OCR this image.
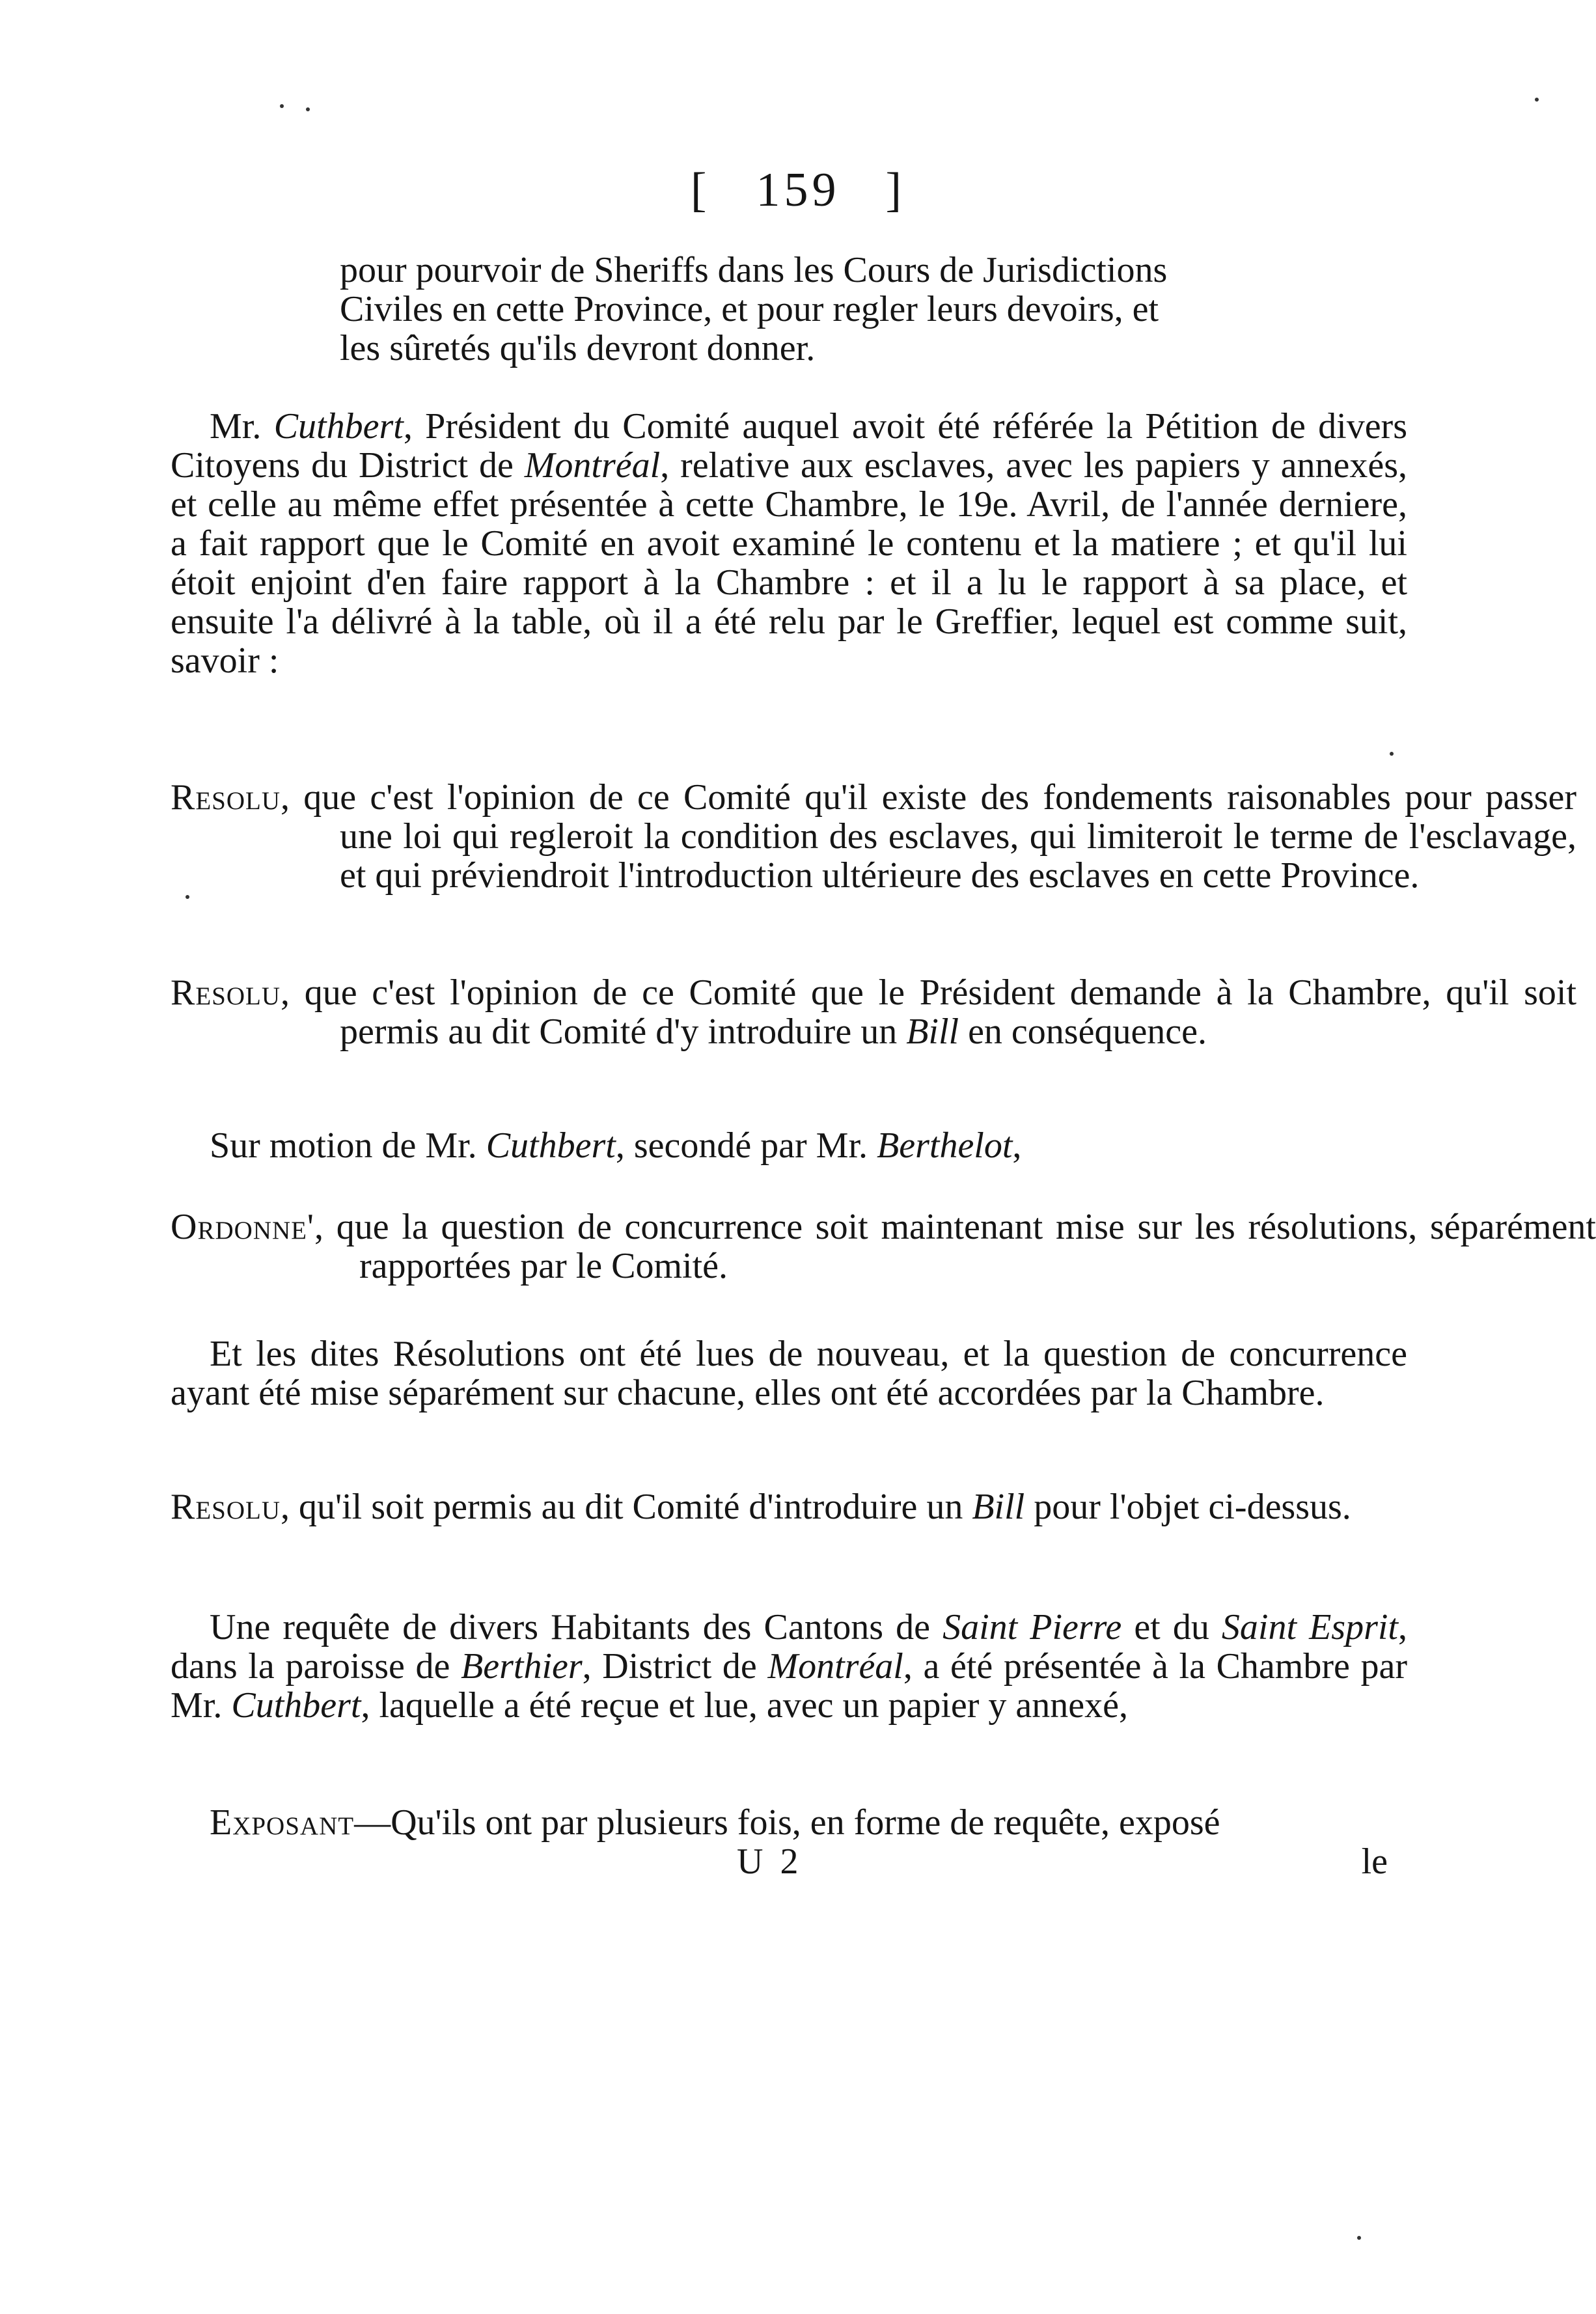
[ 159 ]
pour pourvoir de Sheriffs dans les Cours de Jurisdictions
Civiles en cette Province, et pour regler leurs devoirs, et
les sûretés qu'ils devront donner.
Mr. Cuthbert, Président du Comité auquel avoit été référée la Pétition de divers Citoyens du District de Montréal, relative aux esclaves, avec les papiers y annexés, et celle au même effet présentée à cette Chambre, le 19e. Avril, de l'année derniere, a fait rapport que le Comité en avoit examiné le contenu et la matiere ; et qu'il lui étoit enjoint d'en faire rapport à la Chambre : et il a lu le rapport à sa place, et ensuite l'a délivré à la table, où il a été relu par le Greffier, lequel est comme suit, savoir :
Resolu, que c'est l'opinion de ce Comité qu'il existe des fondements raisonables pour passer une loi qui regleroit la condition des esclaves, qui limiteroit le terme de l'esclavage, et qui préviendroit l'introduction ultérieure des esclaves en cette Province.
Resolu, que c'est l'opinion de ce Comité que le Président demande à la Chambre, qu'il soit permis au dit Comité d'y introduire un Bill en conséquence.
Sur motion de Mr. Cuthbert, secondé par Mr. Berthelot,
Ordonne', que la question de concurrence soit maintenant mise sur les résolutions, séparément rapportées par le Comité.
Et les dites Résolutions ont été lues de nouveau, et la question de concurrence ayant été mise séparément sur chacune, elles ont été accordées par la Chambre.
Resolu, qu'il soit permis au dit Comité d'introduire un Bill pour l'objet ci-dessus.
Une requête de divers Habitants des Cantons de Saint Pierre et du Saint Esprit, dans la paroisse de Berthier, District de Montréal, a été présentée à la Chambre par Mr. Cuthbert, laquelle a été reçue et lue, avec un papier y annexé,
Exposant—Qu'ils ont par plusieurs fois, en forme de requête, exposé
U 2	le
